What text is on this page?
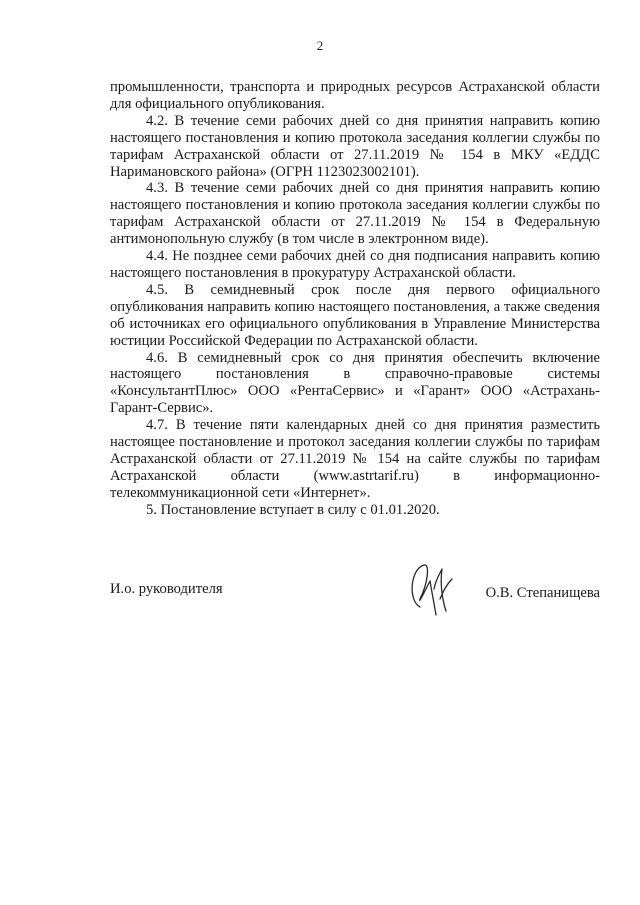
2

промышленности, транспорта и природных ресурсов Астраханской области для официального опубликования.

4.2. В течение семи рабочих дней со дня принятия направить копию настоящего постановления и копию протокола заседания коллегии службы по тарифам Астраханской области от 27.11.2019 № 154 в МКУ «ЕДДС Наримановского района» (ОГРН 1123023002101).

4.3. В течение семи рабочих дней со дня принятия направить копию настоящего постановления и копию протокола заседания коллегии службы по тарифам Астраханской области от 27.11.2019 № 154 в Федеральную антимонопольную службу (в том числе в электронном виде).

4.4. Не позднее семи рабочих дней со дня подписания направить копию настоящего постановления в прокуратуру Астраханской области.

4.5. В семидневный срок после дня первого официального опубликования направить копию настоящего постановления, а также сведения об источниках его официального опубликования в Управление Министерства юстиции Российской Федерации по Астраханской области.

4.6. В семидневный срок со дня принятия обеспечить включение настоящего постановления в справочно-правовые системы «КонсультантПлюс» ООО «РентаСервис» и «Гарант» ООО «Астрахань-Гарант-Сервис».

4.7. В течение пяти календарных дней со дня принятия разместить настоящее постановление и протокол заседания коллегии службы по тарифам Астраханской области от 27.11.2019 № 154 на сайте службы по тарифам Астраханской области (www.astrtarif.ru) в информационно-телекоммуникационной сети «Интернет».

5. Постановление вступает в силу с 01.01.2020.

И.о. руководителя	О.В. Степанищева
